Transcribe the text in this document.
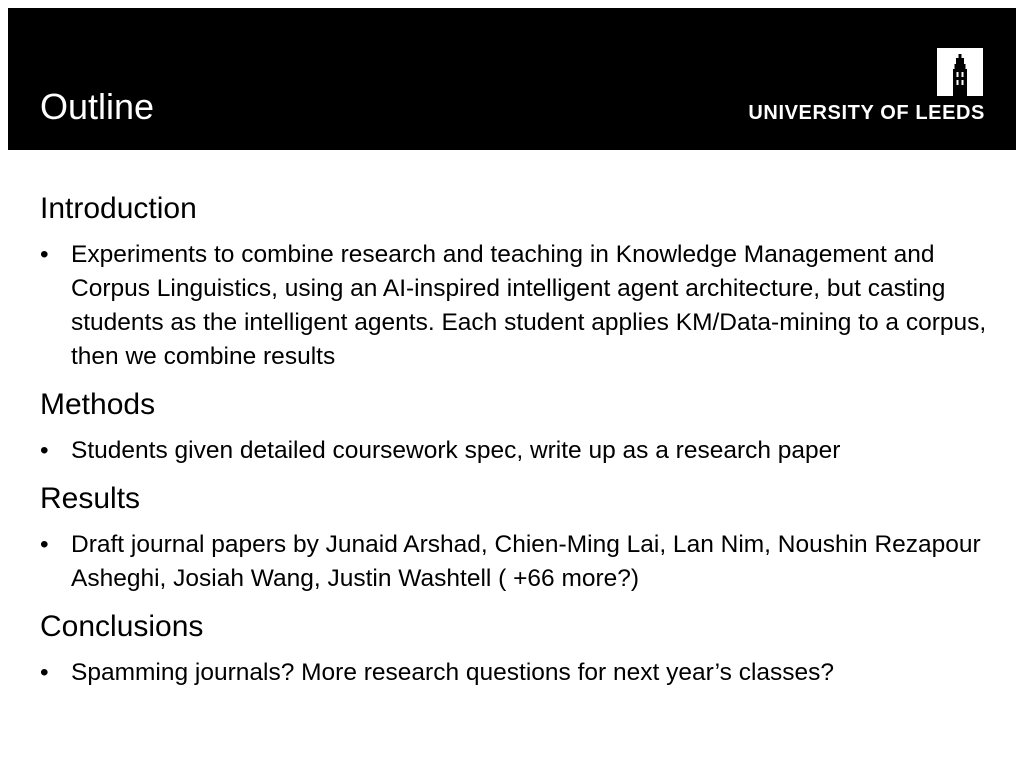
Outline	UNIVERSITY OF LEEDS
Introduction
• Experiments to combine research and teaching in Knowledge Management and Corpus Linguistics, using an AI-inspired intelligent agent architecture, but casting students as the intelligent agents. Each student applies KM/Data-mining to a corpus, then we combine results
Methods
• Students given detailed coursework spec, write up as a research paper
Results
• Draft journal papers by Junaid Arshad, Chien-Ming Lai, Lan Nim, Noushin Rezapour Asheghi, Josiah Wang, Justin Washtell ( +66 more?)
Conclusions
• Spamming journals? More research questions for next year’s classes?
